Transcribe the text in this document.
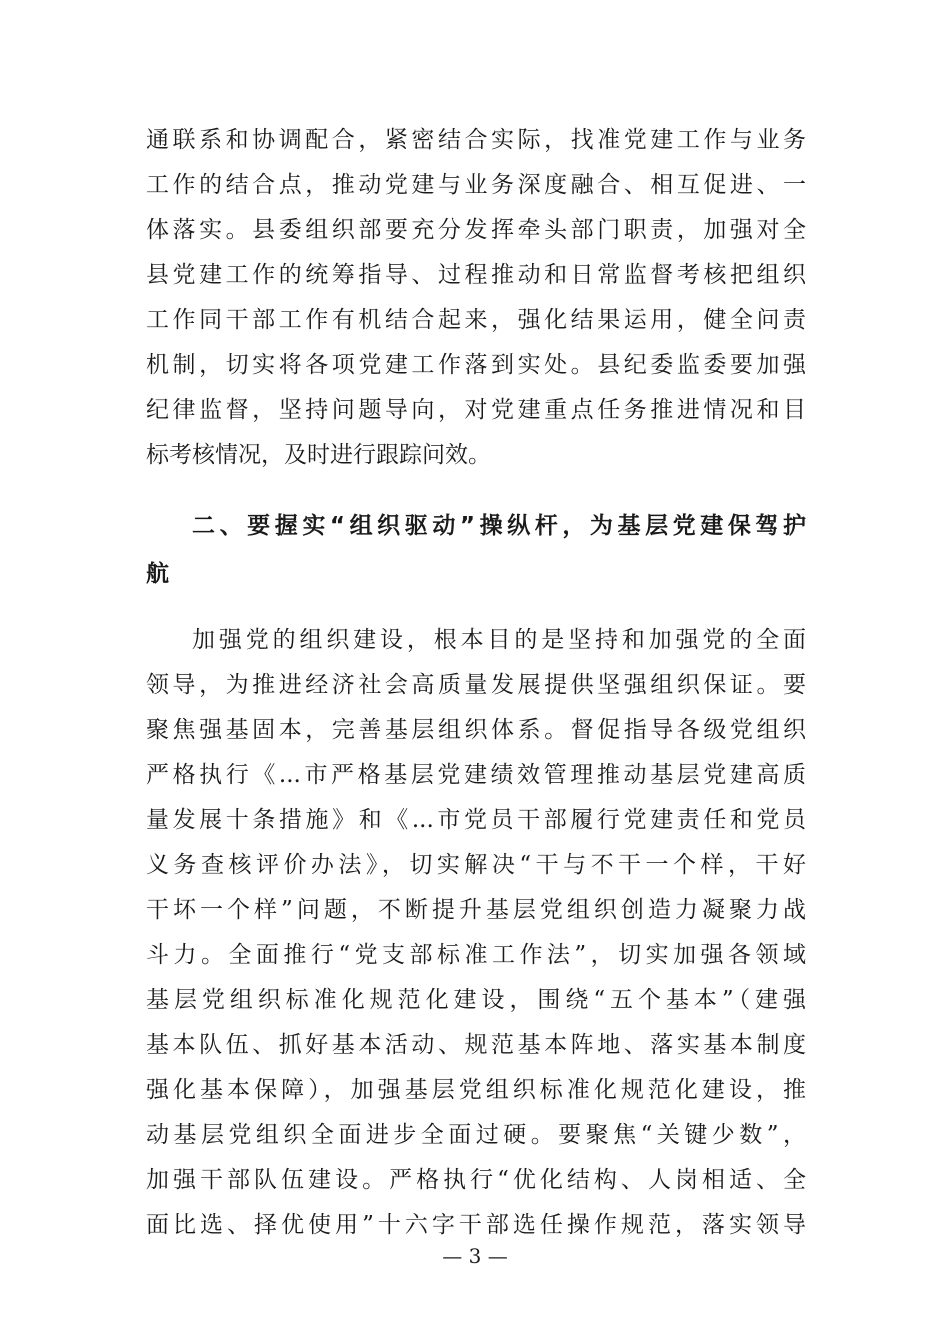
通联系和协调配合，紧密结合实际，找准党建工作与业务
工作的结合点，推动党建与业务深度融合、相互促进、一
体落实。县委组织部要充分发挥牵头部门职责，加强对全
县党建工作的统筹指导、过程推动和日常监督考核把组织
工作同干部工作有机结合起来，强化结果运用，健全问责
机制，切实将各项党建工作落到实处。县纪委监委要加强
纪律监督，坚持问题导向，对党建重点任务推进情况和目
标考核情况，及时进行跟踪问效。
二、要握实“组织驱动”操纵杆，为基层党建保驾护
航
加强党的组织建设，根本目的是坚持和加强党的全面
领导，为推进经济社会高质量发展提供坚强组织保证。要
聚焦强基固本，完善基层组织体系。督促指导各级党组织
严格执行《...市严格基层党建绩效管理推动基层党建高质
量发展十条措施》和《...市党员干部履行党建责任和党员
义务查核评价办法》，切实解决“干与不干一个样，干好
干坏一个样”问题，不断提升基层党组织创造力凝聚力战
斗力。全面推行“党支部标准工作法”，切实加强各领域
基层党组织标准化规范化建设，围绕“五个基本”（建强
基本队伍、抓好基本活动、规范基本阵地、落实基本制度
强化基本保障），加强基层党组织标准化规范化建设，推
动基层党组织全面进步全面过硬。要聚焦“关键少数”，
加强干部队伍建设。严格执行“优化结构、人岗相适、全
面比选、择优使用”十六字干部选任操作规范，落实领导
— 3 —
